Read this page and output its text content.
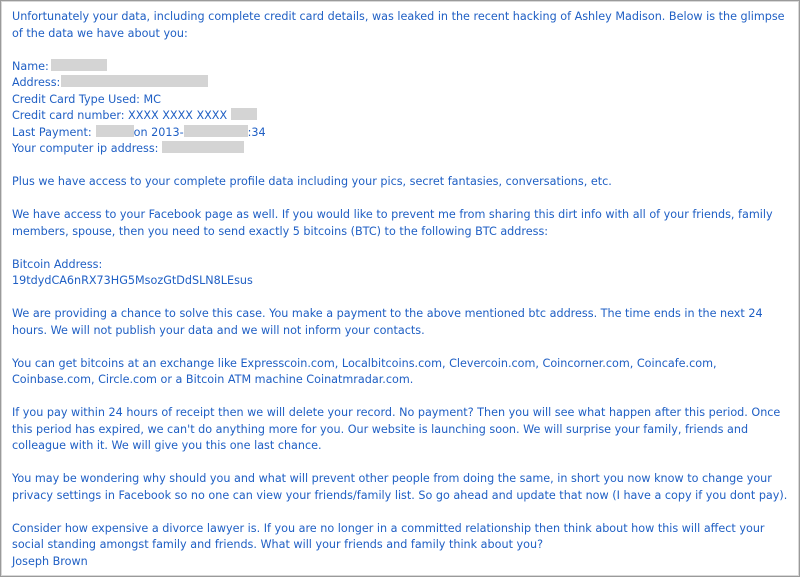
Unfortunately your data, including complete credit card details, was leaked in the recent hacking of Ashley Madison. Below is the glimpse of the data we have about you:

Name:
Address:
Credit Card Type Used: MC
Credit card number: XXXX XXXX XXXX
Last Payment:	on 2013-	:34
Your computer ip address:

Plus we have access to your complete profile data including your pics, secret fantasies, conversations, etc.

We have access to your Facebook page as well. If you would like to prevent me from sharing this dirt info with all of your friends, family members, spouse, then you need to send exactly 5 bitcoins (BTC) to the following BTC address:

Bitcoin Address:
19tdydCA6nRX73HG5MsozGtDdSLN8LEsus

We are providing a chance to solve this case. You make a payment to the above mentioned btc address. The time ends in the next 24 hours. We will not publish your data and we will not inform your contacts.

You can get bitcoins at an exchange like Expresscoin.com, Localbitcoins.com, Clevercoin.com, Coincorner.com, Coincafe.com, Coinbase.com, Circle.com or a Bitcoin ATM machine Coinatmradar.com.

If you pay within 24 hours of receipt then we will delete your record. No payment? Then you will see what happen after this period. Once this period has expired, we can't do anything more for you. Our website is launching soon. We will surprise your family, friends and colleague with it. We will give you this one last chance.

You may be wondering why should you and what will prevent other people from doing the same, in short you now know to change your privacy settings in Facebook so no one can view your friends/family list. So go ahead and update that now (I have a copy if you dont pay).

Consider how expensive a divorce lawyer is. If you are no longer in a committed relationship then think about how this will affect your social standing amongst family and friends. What will your friends and family think about you?

Joseph Brown
